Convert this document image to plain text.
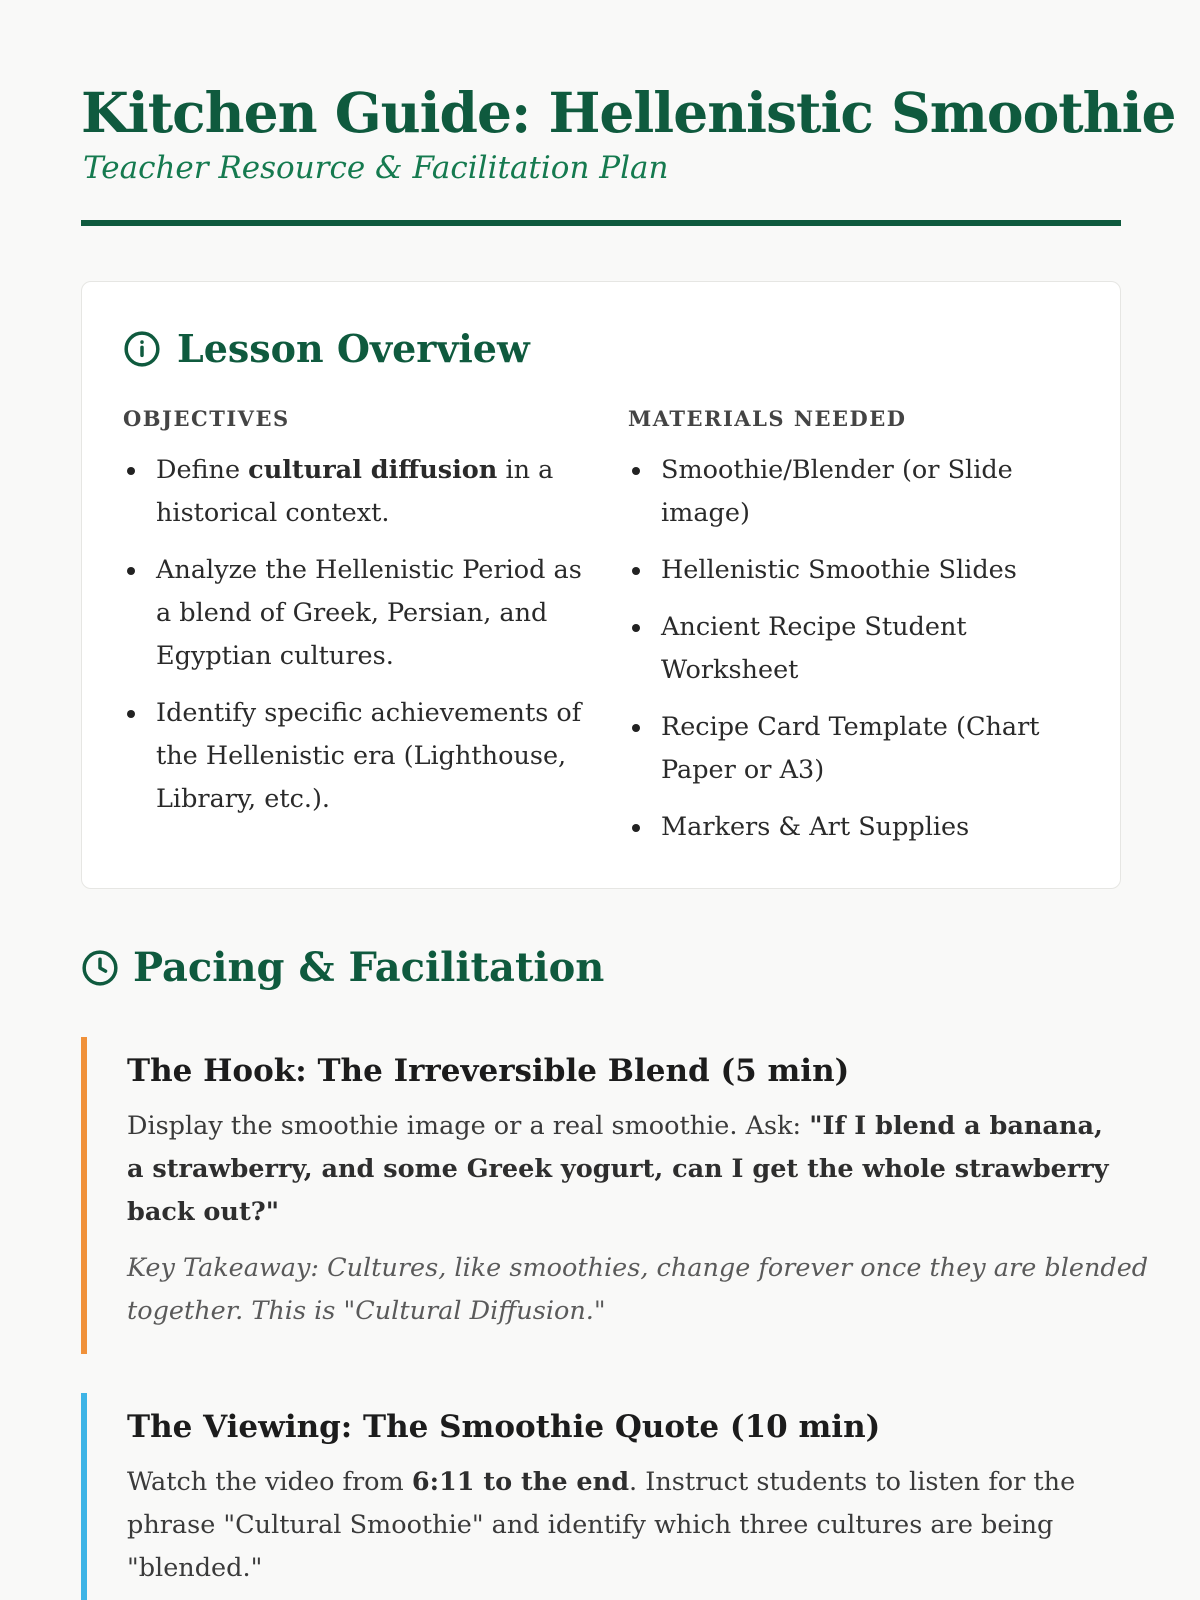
Kitchen Guide: Hellenistic Smoothie
Teacher Resource & Facilitation Plan
Lesson Overview
OBJECTIVES
Define cultural diffusion in a historical context.
Analyze the Hellenistic Period as a blend of Greek, Persian, and Egyptian cultures.
Identify specific achievements of the Hellenistic era (Lighthouse, Library, etc.).
MATERIALS NEEDED
Smoothie/Blender (or Slide image)
Hellenistic Smoothie Slides
Ancient Recipe Student Worksheet
Recipe Card Template (Chart Paper or A3)
Markers & Art Supplies
Pacing & Facilitation
The Hook: The Irreversible Blend (5 min)

Display the smoothie image or a real smoothie. Ask: "If I blend a banana, a strawberry, and some Greek yogurt, can I get the whole strawberry back out?"

Key Takeaway: Cultures, like smoothies, change forever once they are blended together. This is "Cultural Diffusion."

The Viewing: The Smoothie Quote (10 min)

Watch the video from 6:11 to the end. Instruct students to listen for the phrase "Cultural Smoothie" and identify which three cultures are being "blended."
